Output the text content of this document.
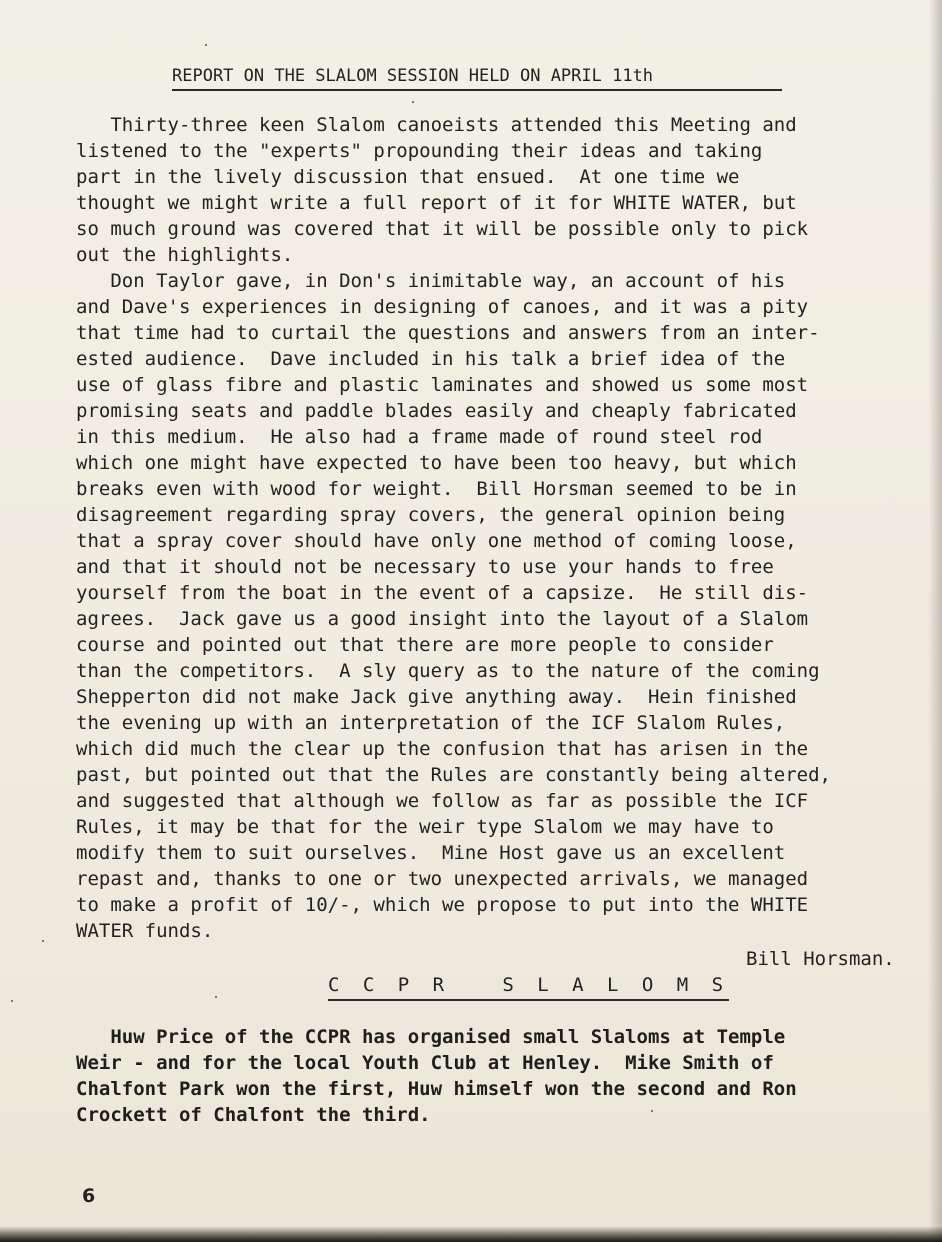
REPORT ON THE SLALOM SESSION HELD ON APRIL 11th
Thirty-three keen Slalom canoeists attended this Meeting and
listened to the "experts" propounding their ideas and taking
part in the lively discussion that ensued.  At one time we
thought we might write a full report of it for WHITE WATER, but
so much ground was covered that it will be possible only to pick
out the highlights.
Don Taylor gave, in Don's inimitable way, an account of his
and Dave's experiences in designing of canoes, and it was a pity
that time had to curtail the questions and answers from an inter-
ested audience.  Dave included in his talk a brief idea of the
use of glass fibre and plastic laminates and showed us some most
promising seats and paddle blades easily and cheaply fabricated
in this medium.  He also had a frame made of round steel rod
which one might have expected to have been too heavy, but which
breaks even with wood for weight.  Bill Horsman seemed to be in
disagreement regarding spray covers, the general opinion being
that a spray cover should have only one method of coming loose,
and that it should not be necessary to use your hands to free
yourself from the boat in the event of a capsize.  He still dis-
agrees.  Jack gave us a good insight into the layout of a Slalom
course and pointed out that there are more people to consider
than the competitors.  A sly query as to the nature of the coming
Shepperton did not make Jack give anything away.  Hein finished
the evening up with an interpretation of the ICF Slalom Rules,
which did much the clear up the confusion that has arisen in the
past, but pointed out that the Rules are constantly being altered,
and suggested that although we follow as far as possible the ICF
Rules, it may be that for the weir type Slalom we may have to
modify them to suit ourselves.  Mine Host gave us an excellent
repast and, thanks to one or two unexpected arrivals, we managed
to make a profit of 10/-, which we propose to put into the WHITE
WATER funds.
Bill Horsman.
C C P R   S L A L O M S
Huw Price of the CCPR has organised small Slaloms at Temple
Weir - and for the local Youth Club at Henley.  Mike Smith of
Chalfont Park won the first, Huw himself won the second and Ron
Crockett of Chalfont the third.
6
